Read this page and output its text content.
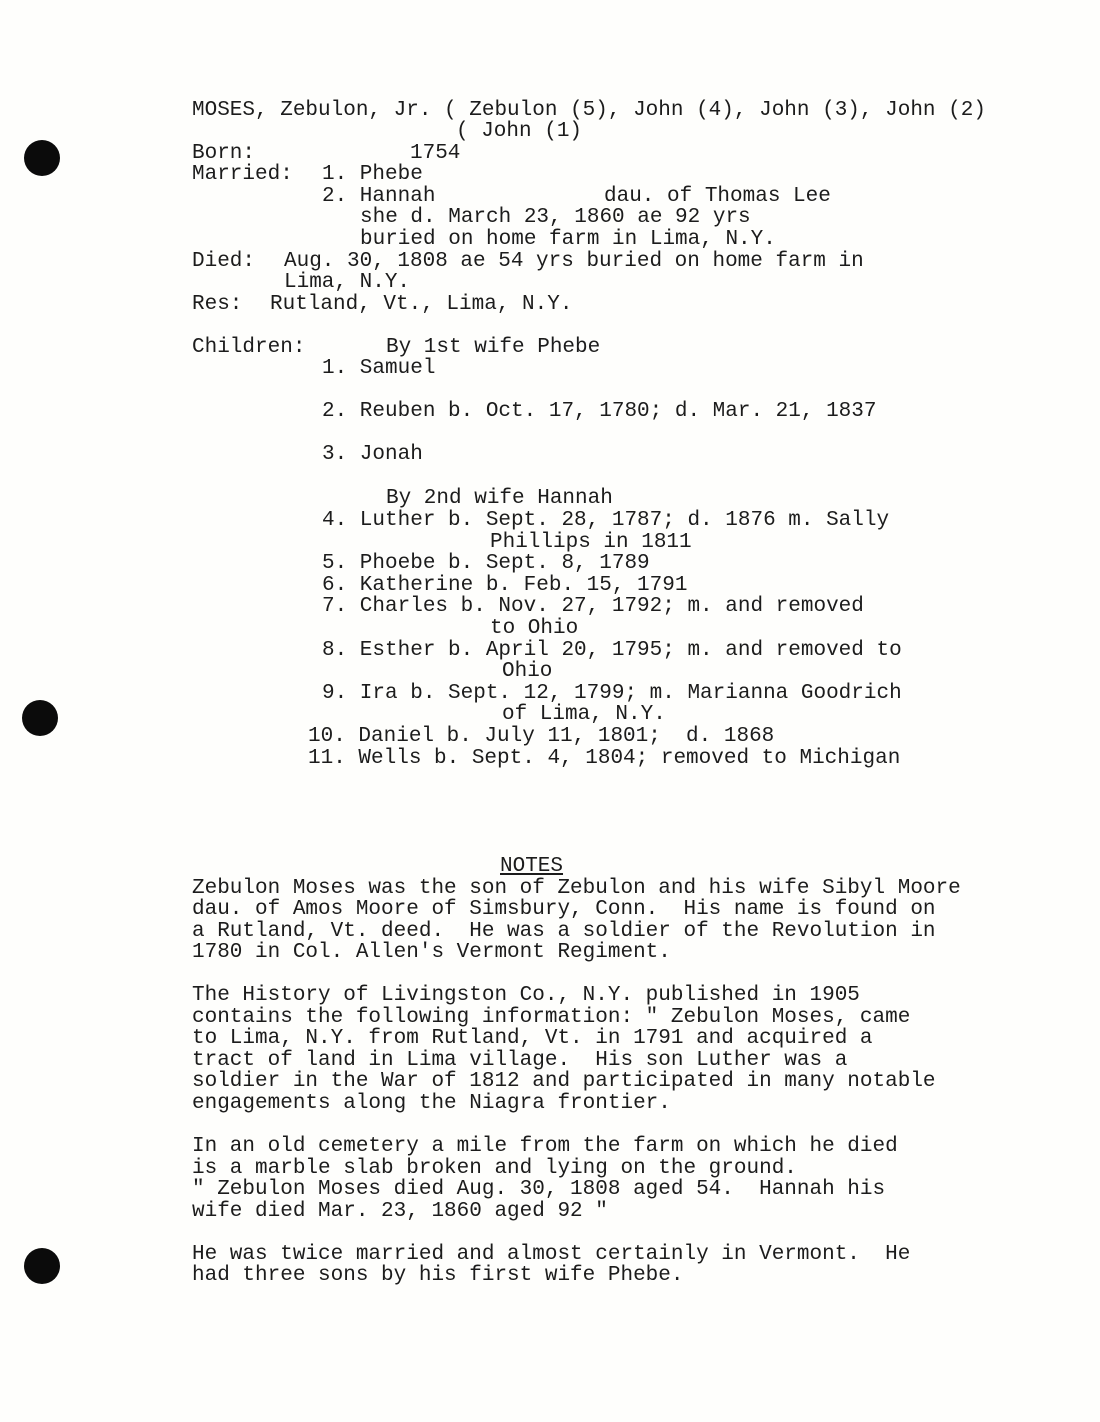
MOSES, Zebulon, Jr. ( Zebulon (5), John (4), John (3), John (2)

( John (1)

Born:	1754

Married: 1. Phebe

2. Hannah	dau. of Thomas Lee

she d. March 23, 1860 ae 92 yrs

buried on home farm in Lima, N.Y.

Died: Aug. 30, 1808 ae 54 yrs buried on home farm in

Lima, N.Y.

Res: Rutland, Vt., Lima, N.Y.

Children:	By 1st wife Phebe

1. Samuel

2. Reuben b. Oct. 17, 1780; d. Mar. 21, 1837

3. Jonah

By 2nd wife Hannah

4. Luther b. Sept. 28, 1787; d. 1876 m. Sally

Phillips in 1811

5. Phoebe b. Sept. 8, 1789

6. Katherine b. Feb. 15, 1791

7. Charles b. Nov. 27, 1792; m. and removed

to Ohio

8. Esther b. April 20, 1795; m. and removed to

Ohio

9. Ira b. Sept. 12, 1799; m. Marianna Goodrich

of Lima, N.Y.

10. Daniel b. July 11, 1801;  d. 1868

11. Wells b. Sept. 4, 1804; removed to Michigan

NOTES

Zebulon Moses was the son of Zebulon and his wife Sibyl Moore

dau. of Amos Moore of Simsbury, Conn.  His name is found on

a Rutland, Vt. deed.  He was a soldier of the Revolution in

1780 in Col. Allen's Vermont Regiment.

The History of Livingston Co., N.Y. published in 1905

contains the following information: " Zebulon Moses, came

to Lima, N.Y. from Rutland, Vt. in 1791 and acquired a

tract of land in Lima village.  His son Luther was a

soldier in the War of 1812 and participated in many notable

engagements along the Niagra frontier.

In an old cemetery a mile from the farm on which he died

is a marble slab broken and lying on the ground.

" Zebulon Moses died Aug. 30, 1808 aged 54.  Hannah his

wife died Mar. 23, 1860 aged 92 "

He was twice married and almost certainly in Vermont.  He

had three sons by his first wife Phebe.
